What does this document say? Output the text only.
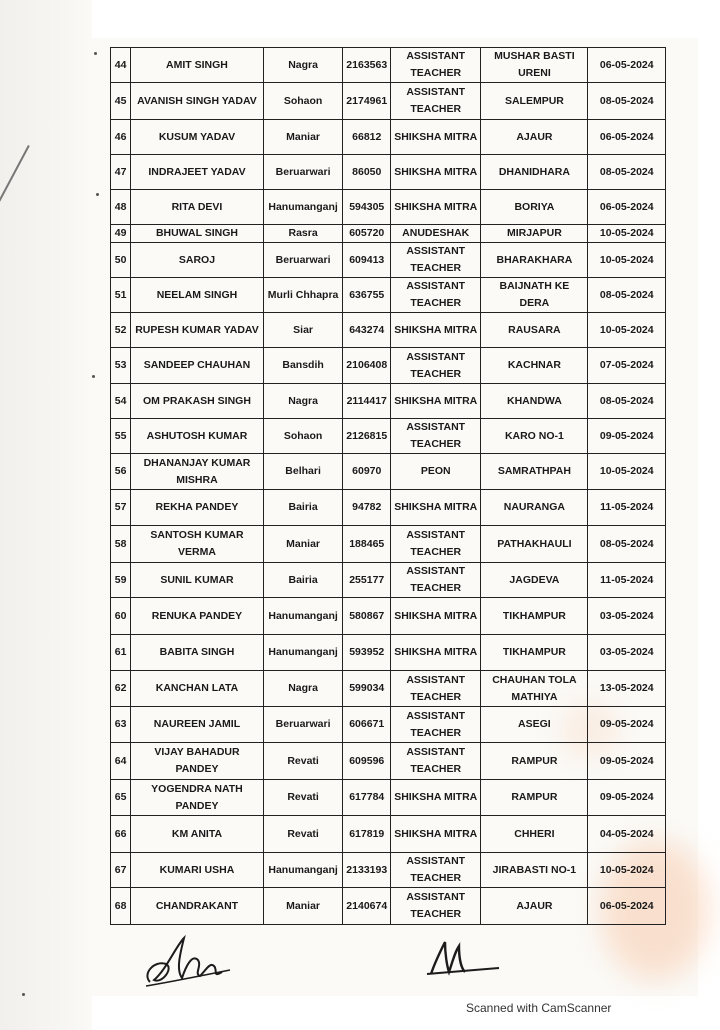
44	AMIT SINGH	Nagra	2163563	ASSISTANT TEACHER	MUSHAR BASTI URENI	06-05-2024
45	AVANISH SINGH YADAV	Sohaon	2174961	ASSISTANT TEACHER	SALEMPUR	08-05-2024
46	KUSUM YADAV	Maniar	66812	SHIKSHA MITRA	AJAUR	06-05-2024
47	INDRAJEET YADAV	Beruarwari	86050	SHIKSHA MITRA	DHANIDHARA	08-05-2024
48	RITA DEVI	Hanumanganj	594305	SHIKSHA MITRA	BORIYA	06-05-2024
49	BHUWAL SINGH	Rasra	605720	ANUDESHAK	MIRJAPUR	10-05-2024
50	SAROJ	Beruarwari	609413	ASSISTANT TEACHER	BHARAKHARA	10-05-2024
51	NEELAM SINGH	Murli Chhapra	636755	ASSISTANT TEACHER	BAIJNATH KE DERA	08-05-2024
52	RUPESH KUMAR YADAV	Siar	643274	SHIKSHA MITRA	RAUSARA	10-05-2024
53	SANDEEP CHAUHAN	Bansdih	2106408	ASSISTANT TEACHER	KACHNAR	07-05-2024
54	OM PRAKASH SINGH	Nagra	2114417	SHIKSHA MITRA	KHANDWA	08-05-2024
55	ASHUTOSH KUMAR	Sohaon	2126815	ASSISTANT TEACHER	KARO NO-1	09-05-2024
56	DHANANJAY KUMAR MISHRA	Belhari	60970	PEON	SAMRATHPAH	10-05-2024
57	REKHA PANDEY	Bairia	94782	SHIKSHA MITRA	NAURANGA	11-05-2024
58	SANTOSH KUMAR VERMA	Maniar	188465	ASSISTANT TEACHER	PATHAKHAULI	08-05-2024
59	SUNIL KUMAR	Bairia	255177	ASSISTANT TEACHER	JAGDEVA	11-05-2024
60	RENUKA PANDEY	Hanumanganj	580867	SHIKSHA MITRA	TIKHAMPUR	03-05-2024
61	BABITA SINGH	Hanumanganj	593952	SHIKSHA MITRA	TIKHAMPUR	03-05-2024
62	KANCHAN LATA	Nagra	599034	ASSISTANT TEACHER	CHAUHAN TOLA MATHIYA	13-05-2024
63	NAUREEN JAMIL	Beruarwari	606671	ASSISTANT TEACHER	ASEGI	09-05-2024
64	VIJAY BAHADUR PANDEY	Revati	609596	ASSISTANT TEACHER	RAMPUR	09-05-2024
65	YOGENDRA NATH PANDEY	Revati	617784	SHIKSHA MITRA	RAMPUR	09-05-2024
66	KM ANITA	Revati	617819	SHIKSHA MITRA	CHHERI	04-05-2024
67	KUMARI USHA	Hanumanganj	2133193	ASSISTANT TEACHER	JIRABASTI NO-1	10-05-2024
68	CHANDRAKANT	Maniar	2140674	ASSISTANT TEACHER	AJAUR	06-05-2024
Scanned with CamScanner
